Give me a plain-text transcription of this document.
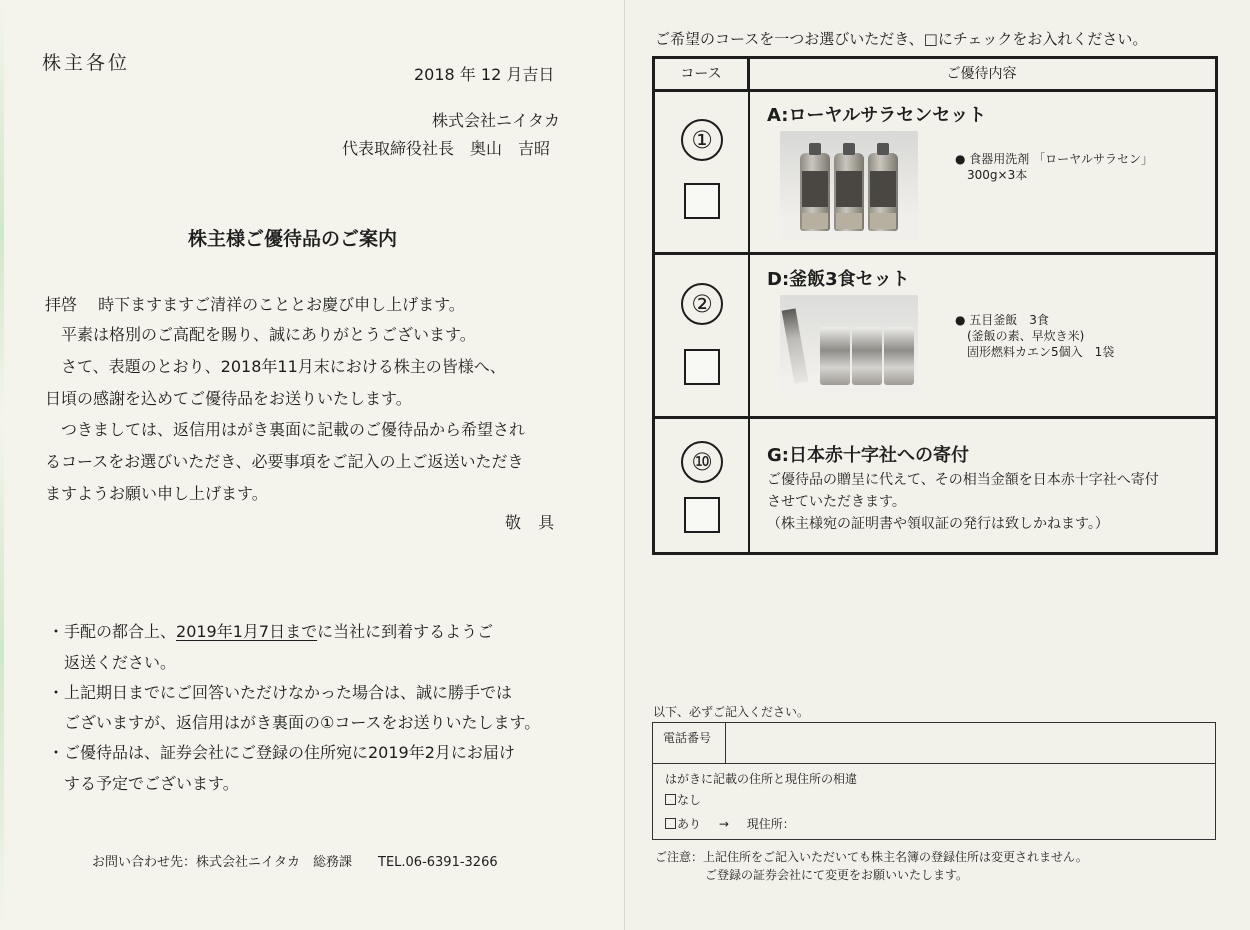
株主各位
2018 年 12 月吉日
株式会社ニイタカ
代表取締役社長　奥山　吉昭
株主様ご優待品のご案内
拝啓　 時下ますますご清祥のこととお慶び申し上げます。
　平素は格別のご高配を賜り、誠にありがとうございます。
　さて、表題のとおり、2018年11月末における株主の皆様へ、
日頃の感謝を込めてご優待品をお送りいたします。
　つきましては、返信用はがき裏面に記載のご優待品から希望され
るコースをお選びいただき、必要事項をご記入の上ご返送いただき
ますようお願い申し上げます。
敬 具
・手配の都合上、2019年1月7日までに当社に到着するようご
　返送ください。
・上記期日までにご回答いただけなかった場合は、誠に勝手では
　ございますが、返信用はがき裏面の①コースをお送りいたします。
・ご優待品は、証券会社にご登録の住所宛に2019年2月にお届け
　する予定でございます。
お問い合わせ先：株式会社ニイタカ　総務課　　TEL.06-6391-3266
ご希望のコースを一つお選びいただき、□にチェックをお入れください。
コース	ご優待内容
①
A:ローヤルサラセンセット
● 食器用洗剤 「ローヤルサラセン」
　300g×3本
②
D:釜飯3食セット
● 五目釜飯　3食
　(釜飯の素、早炊き米)
　固形燃料カエン5個入　1袋
⑩	G:日本赤十字社への寄付
ご優待品の贈呈に代えて、その相当金額を日本赤十字社へ寄付
させていただきます。
（株主様宛の証明書や領収証の発行は致しかねます。）
以下、必ずご記入ください。
電話番号
はがきに記載の住所と現住所の相違
なし
あり → 現住所：
ご注意：上記住所をご記入いただいても株主名簿の登録住所は変更されません。
ご登録の証券会社にて変更をお願いいたします。
